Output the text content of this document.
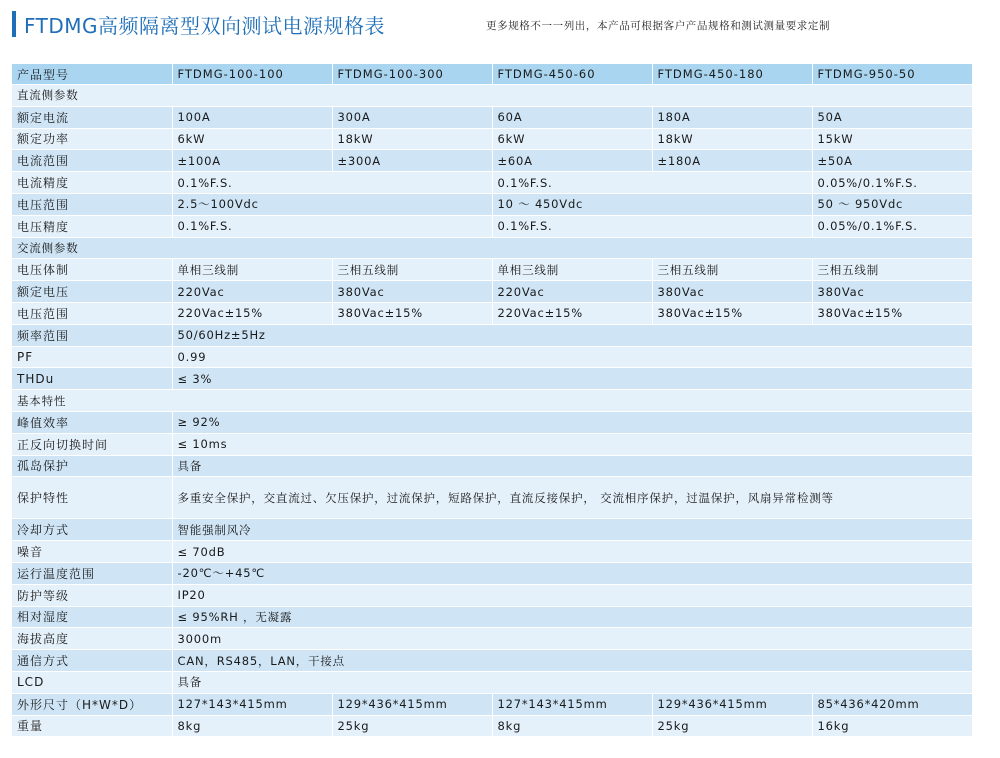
FTDMG高频隔离型双向测试电源规格表	更多规格不一一列出，本产品可根据客户产品规格和测试测量要求定制
产品型号	FTDMG-100-100	FTDMG-100-300	FTDMG-450-60	FTDMG-450-180	FTDMG-950-50
直流侧参数					
额定电流	100A	300A	60A	180A	50A
额定功率	6kW	18kW	6kW	18kW	15kW
电流范围	±100A	±300A	±60A	±180A	±50A
电流精度	0.1%F.S.		0.1%F.S.		0.05%/0.1%F.S.
电压范围	2.5～100Vdc		10 ～ 450Vdc		50 ～ 950Vdc
电压精度	0.1%F.S.		0.1%F.S.		0.05%/0.1%F.S.
交流侧参数					
电压体制	单相三线制	三相五线制	单相三线制	三相五线制	三相五线制
额定电压	220Vac	380Vac	220Vac	380Vac	380Vac
电压范围	220Vac±15%	380Vac±15%	220Vac±15%	380Vac±15%	380Vac±15%
频率范围	50/60Hz±5Hz				
PF	0.99				
THDu	≤ 3%				
基本特性					
峰值效率	≥ 92%				
正反向切换时间	≤ 10ms				
孤岛保护	具备				
保护特性	多重安全保护，交直流过、欠压保护，过流保护，短路保护，直流反接保护， 交流相序保护，过温保护，风扇异常检测等				
冷却方式	智能强制风冷				
噪音	≤ 70dB				
运行温度范围	-20℃～+45℃				
防护等级	IP20				
相对湿度	≤ 95%RH ，无凝露				
海拔高度	3000m				
通信方式	CAN，RS485，LAN，干接点				
LCD	具备				
外形尺寸（H*W*D）	127*143*415mm	129*436*415mm	127*143*415mm	129*436*415mm	85*436*420mm
重量	8kg	25kg	8kg	25kg	16kg
